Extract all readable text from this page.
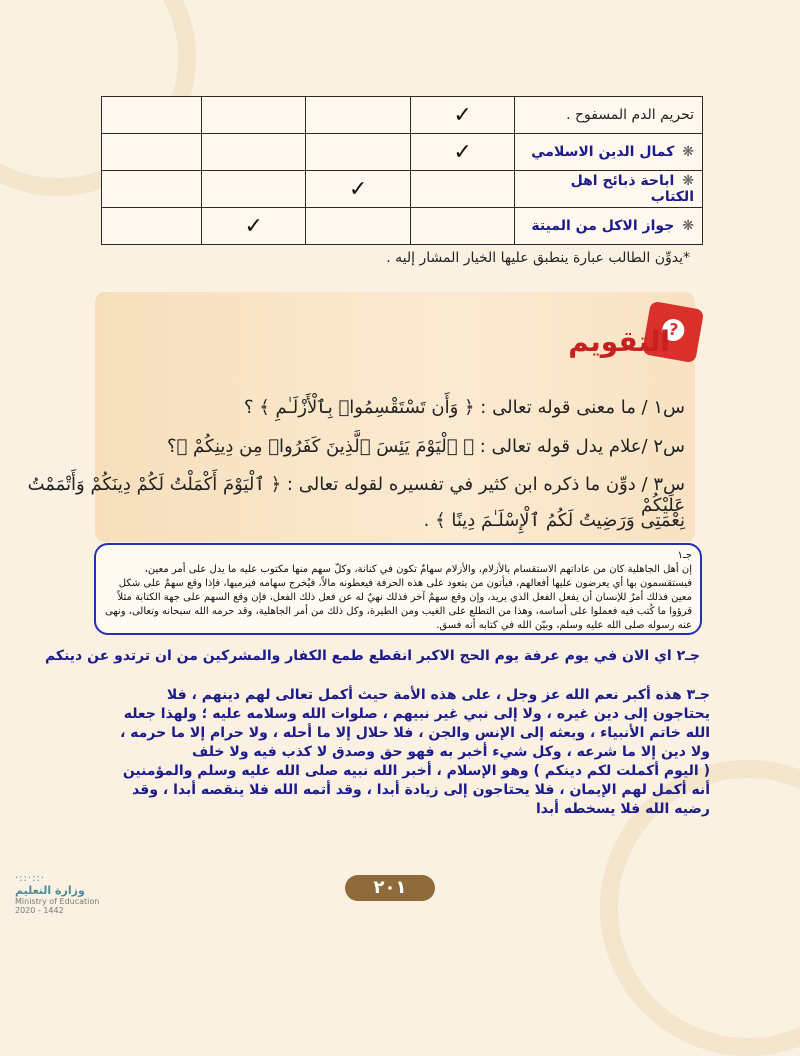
تحريم الدم المسفوح .	✓			
❋كمال الدين الاسلامي	✓			
❋اباحة ذبائح اهل الكتاب		✓		
❋جواز الاكل من الميتة			✓	
*يدوِّن الطالب عبارة ينطبق عليها الخيار المشار إليه .
?
التقويم
س١ / ما معنى قوله تعالى : ﴿ وَأَن تَسْتَقْسِمُوا۟ بِٱلْأَزْلَـٰمِ ﴾ ؟
س٢ /علام يدل قوله تعالى : ﴿ ٱلْيَوْمَ يَئِسَ ٱلَّذِينَ كَفَرُوا۟ مِن دِينِكُمْ ﴾؟
س٣ / دوِّن ما ذكره ابن كثير في تفسيره لقوله تعالى : ﴿ ٱلْيَوْمَ أَكْمَلْتُ لَكُمْ دِينَكُمْ وَأَتْمَمْتُ عَلَيْكُمْ
نِعْمَتِى وَرَضِيتُ لَكُمُ ٱلْإِسْلَـٰمَ دِينًا ﴾ .
جـ١
إن أهل الجاهلية كان من عاداتهم الاستقسام بالأزلام، والأزلام سهامٌ تكون في كنانة، وكلّ سهم منها مكتوب عليه ما يدل على أمر معين، فيستقسمون بها أي يعرضون عليها أفعالهم، فيأتون من يتعود على هذه الحرفة فيعطونه مالاً، فيُخرج سهامه فيرميها، فإذا وقع سهمٌ على شكل معين فذلك أمرٌ للإنسان أن يفعل الفعل الذي يريد، وإن وقع سهمٌ آخر فذلك نهيٌ له عن فعل ذلك الفعل، فإن وقع السهم على جهة الكتابة مثلاً قرؤوا ما كُتب فيه فعملوا على أساسه، وهذا من التطلع على الغيب ومن الطيرة، وكل ذلك من أمر الجاهلية، وقد حرمه الله سبحانه وتعالى، ونهى عنه رسوله صلى الله عليه وسلم، وبيّن الله في كتابه أنه فسق.
جـ٢ اي الان في يوم عرفة يوم الحج الاكبر انقطع طمع الكفار والمشركين من ان ترتدو عن دينكم
جـ٣ هذه أكبر نعم الله عز وجل ، على هذه الأمة حيث أكمل تعالى لهم دينهم ، فلا يحتاجون إلى دين غيره ، ولا إلى نبي غير نبيهم ، صلوات الله وسلامه عليه ؛ ولهذا جعله الله خاتم الأنبياء ، وبعثه إلى الإنس والجن ، فلا حلال إلا ما أحله ، ولا حرام إلا ما حرمه ، ولا دين إلا ما شرعه ، وكل شيء أخبر به فهو حق وصدق لا كذب فيه ولا خلف
( اليوم أكملت لكم دينكم ) وهو الإسلام ، أخبر الله نبيه صلى الله عليه وسلم والمؤمنين أنه أكمل لهم الإيمان ، فلا يحتاجون إلى زيادة أبدا ، وقد أتمه الله فلا ينقصه أبدا ، وقد رضيه الله فلا يسخطه أبدا
٢٠١
·::·::·
وزارة التعليم
Ministry of Education
2020 - 1442
